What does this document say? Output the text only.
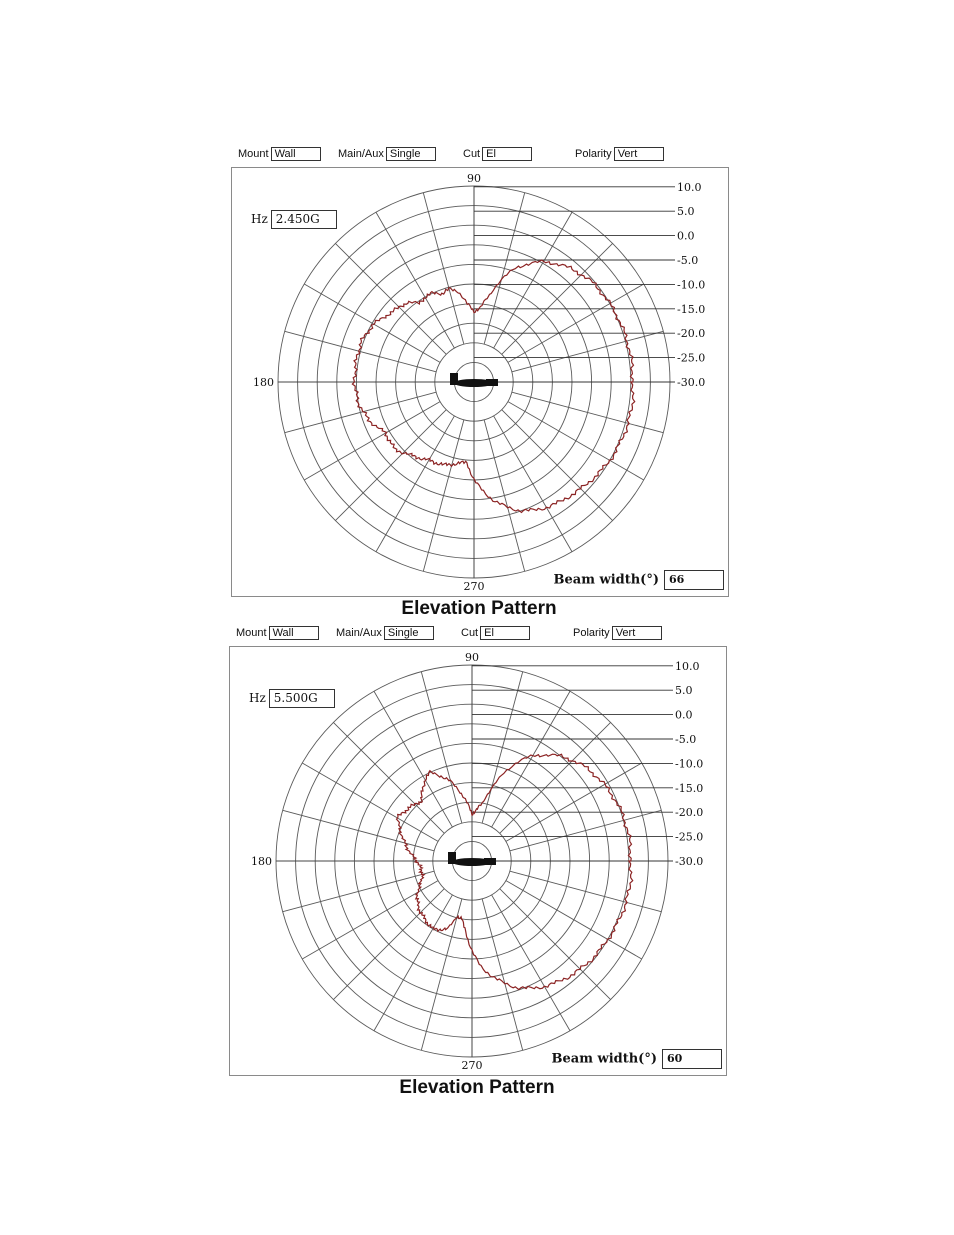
Mount Wall	Main/Aux Single	Cut El	Polarity Vert
10.0
5.0
0.0
-5.0
-10.0
-15.0
-20.0
-25.0
-30.0
90
180
270
Hz 2.450G
Beam width(°) 66
Elevation Pattern
Mount Wall	Main/Aux Single	Cut El	Polarity Vert
10.0
5.0
0.0
-5.0
-10.0
-15.0
-20.0
-25.0
-30.0
90
180
270
Hz 5.500G
Beam width(°) 60
Elevation Pattern
